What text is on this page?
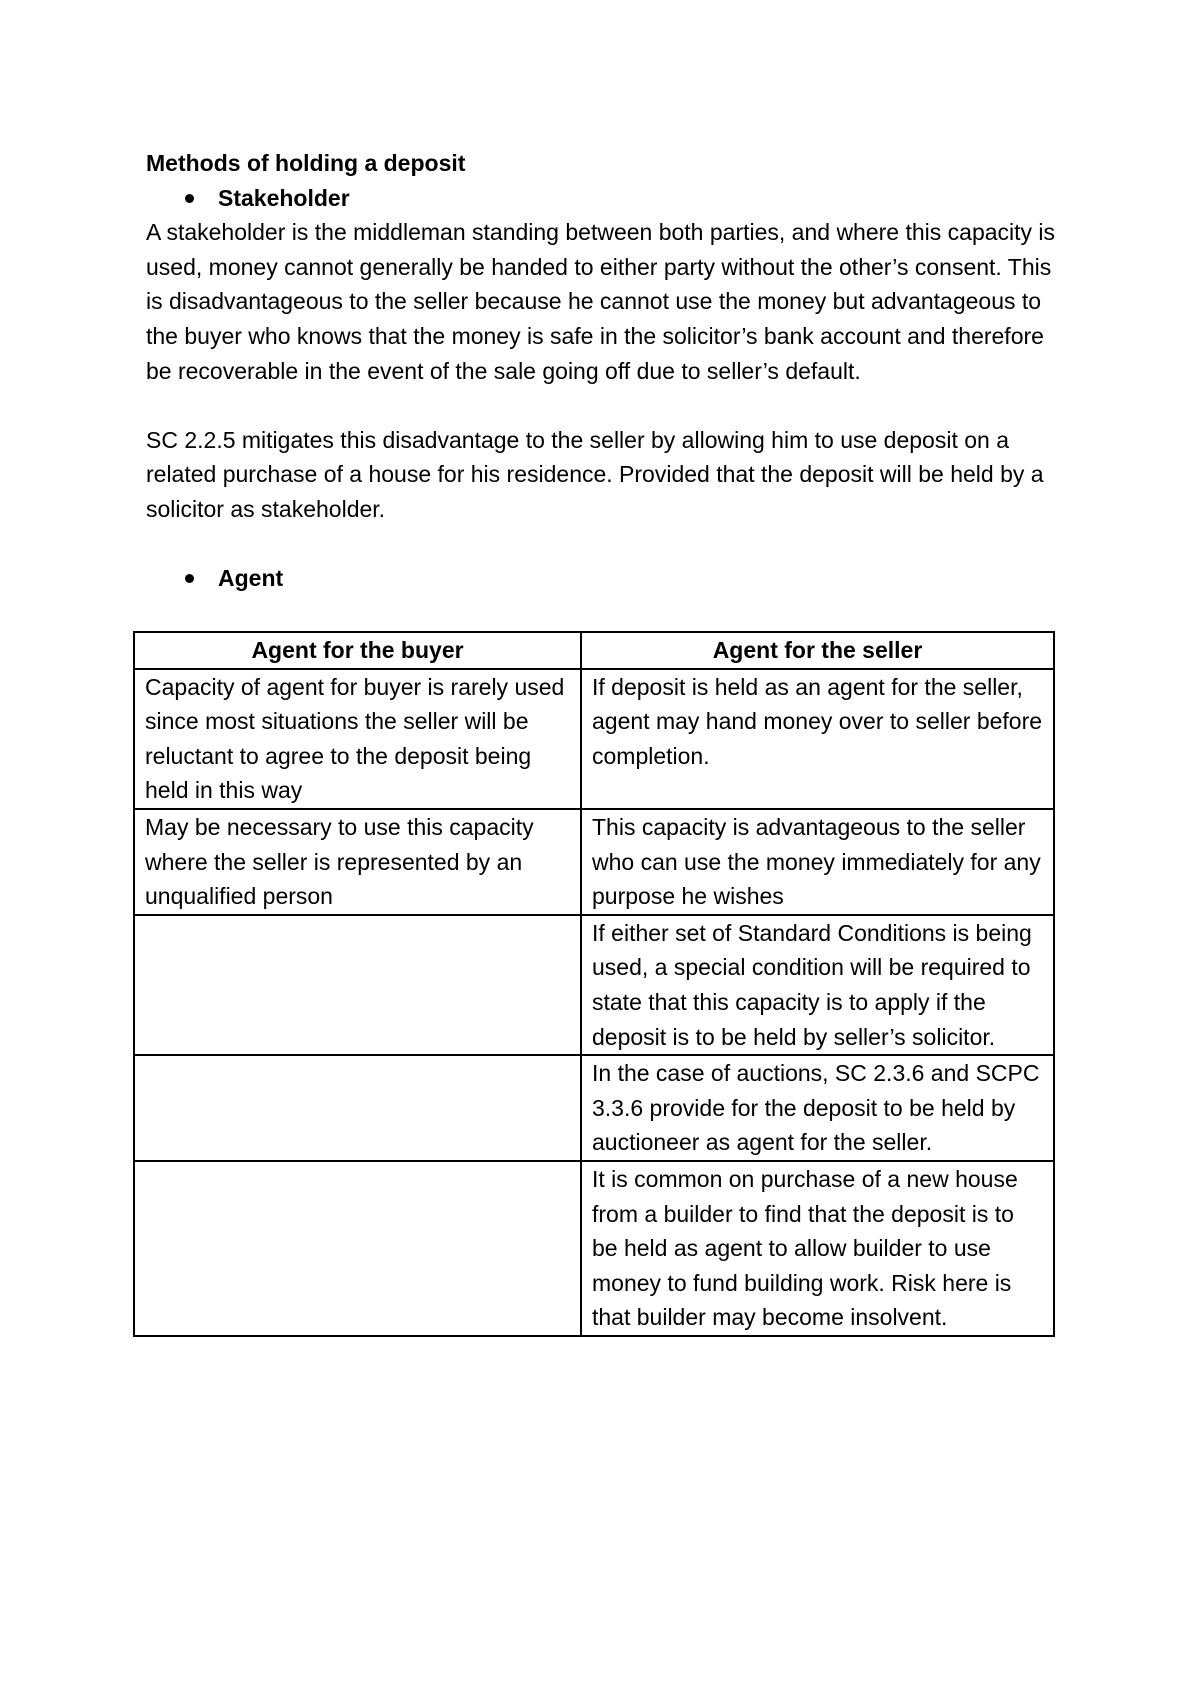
Methods of holding a deposit

Stakeholder

A stakeholder is the middleman standing between both parties, and where this capacity is used, money cannot generally be handed to either party without the other’s consent. This is disadvantageous to the seller because he cannot use the money but advantageous to the buyer who knows that the money is safe in the solicitor’s bank account and therefore be recoverable in the event of the sale going off due to seller’s default.

SC 2.2.5 mitigates this disadvantage to the seller by allowing him to use deposit on a related purchase of a house for his residence. Provided that the deposit will be held by a solicitor as stakeholder.

Agent

Agent for the buyer	Agent for the seller
Capacity of agent for buyer is rarely used since most situations the seller will be reluctant to agree to the deposit being held in this way	If deposit is held as an agent for the seller, agent may hand money over to seller before completion.
May be necessary to use this capacity where the seller is represented by an unqualified person	This capacity is advantageous to the seller who can use the money immediately for any purpose he wishes
	If either set of Standard Conditions is being used, a special condition will be required to state that this capacity is to apply if the deposit is to be held by seller’s solicitor.
	In the case of auctions, SC 2.3.6 and SCPC 3.3.6 provide for the deposit to be held by auctioneer as agent for the seller.
	It is common on purchase of a new house from a builder to find that the deposit is to be held as agent to allow builder to use money to fund building work. Risk here is that builder may become insolvent.
